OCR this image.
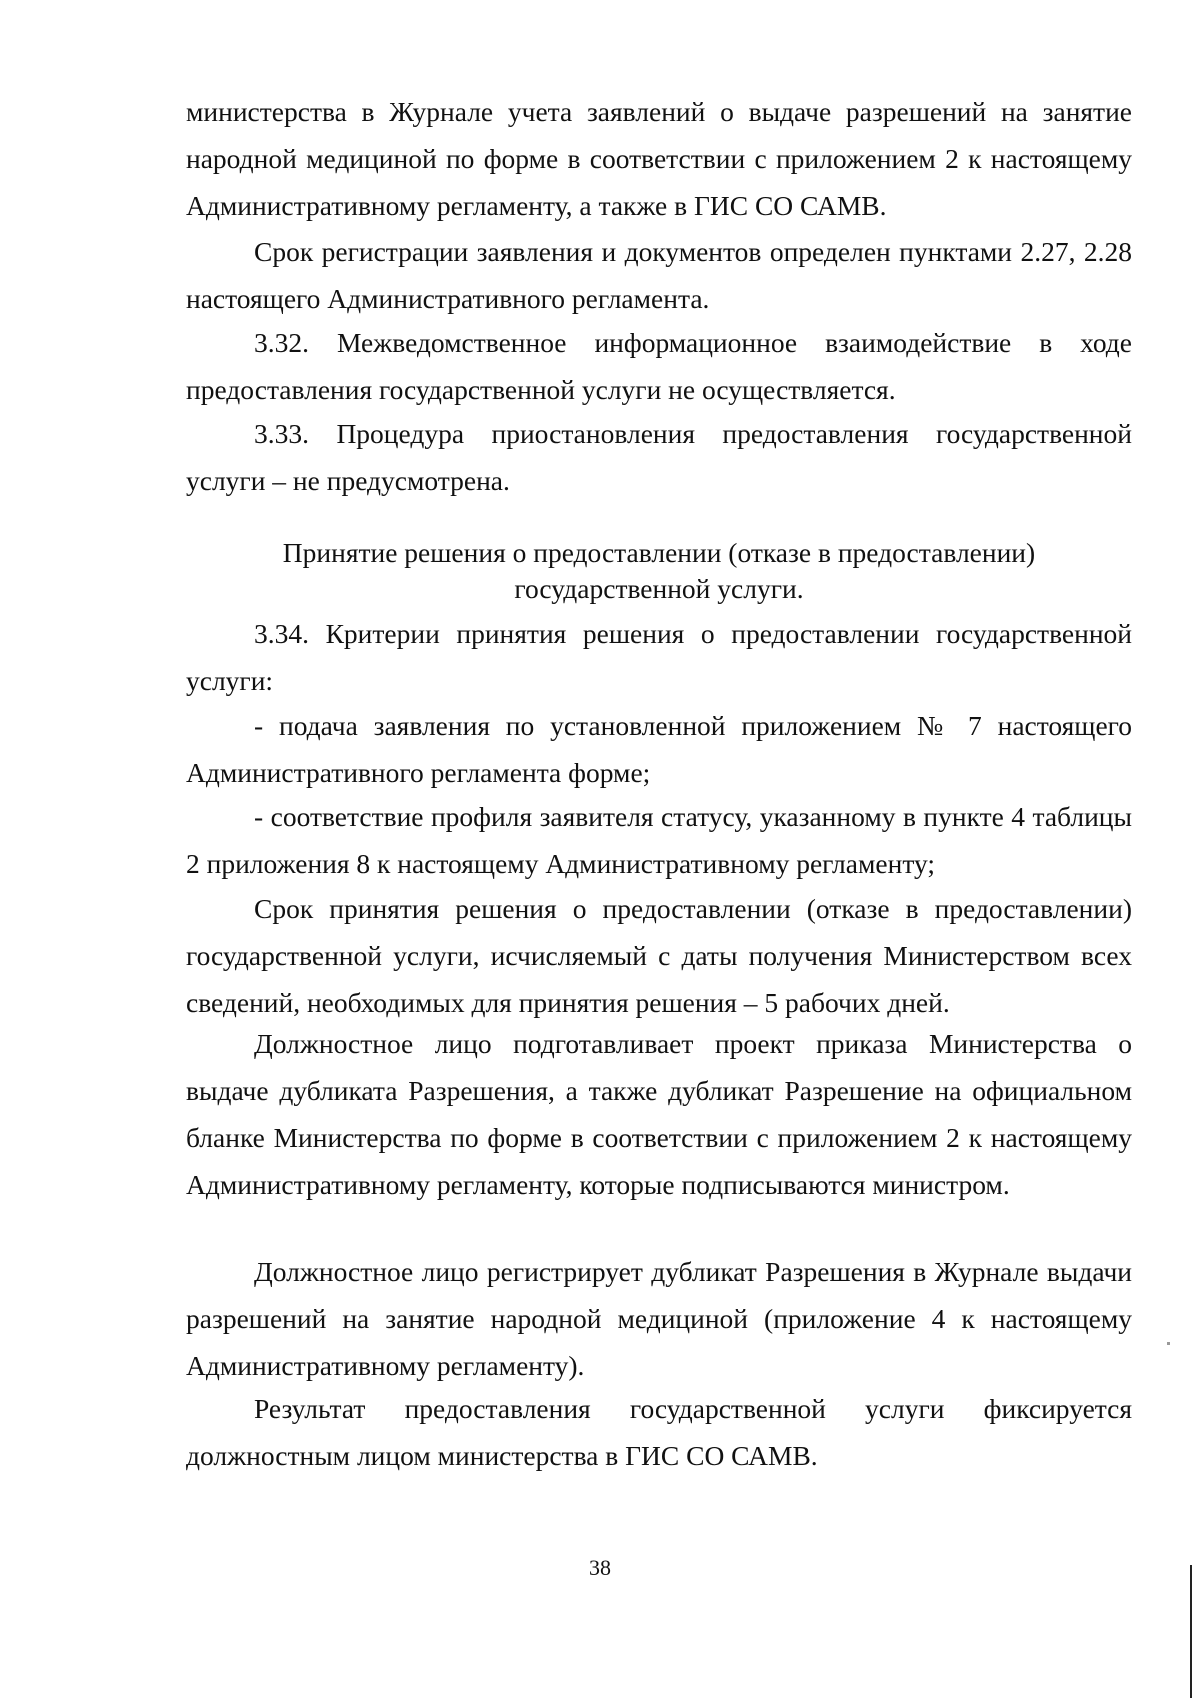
министерства в Журнале учета заявлений о выдаче разрешений на занятие народной медициной по форме в соответствии с приложением 2 к настоящему Административному регламенту, а также в ГИС СО САМВ.

Срок регистрации заявления и документов определен пунктами 2.27, 2.28 настоящего Административного регламента.

3.32. Межведомственное информационное взаимодействие в ходе предоставления государственной услуги не осуществляется.

3.33. Процедура приостановления предоставления государственной услуги – не предусмотрена.

Принятие решения о предоставлении (отказе в предоставлении)
государственной услуги.

3.34. Критерии принятия решения о предоставлении государственной услуги:

- подача заявления по установленной приложением № 7 настоящего Административного регламента форме;

- соответствие профиля заявителя статусу, указанному в пункте 4 таблицы 2 приложения 8 к настоящему Административному регламенту;

Срок принятия решения о предоставлении (отказе в предоставлении) государственной услуги, исчисляемый с даты получения Министерством всех сведений, необходимых для принятия решения – 5 рабочих дней.

Должностное лицо подготавливает проект приказа Министерства о выдаче дубликата Разрешения, а также дубликат Разрешение на официальном бланке Министерства по форме в соответствии с приложением 2 к настоящему Административному регламенту, которые подписываются министром.

Должностное лицо регистрирует дубликат Разрешения в Журнале выдачи разрешений на занятие народной медициной (приложение 4 к настоящему Административному регламенту).

Результат предоставления государственной услуги фиксируется должностным лицом министерства в ГИС СО САМВ.

38
